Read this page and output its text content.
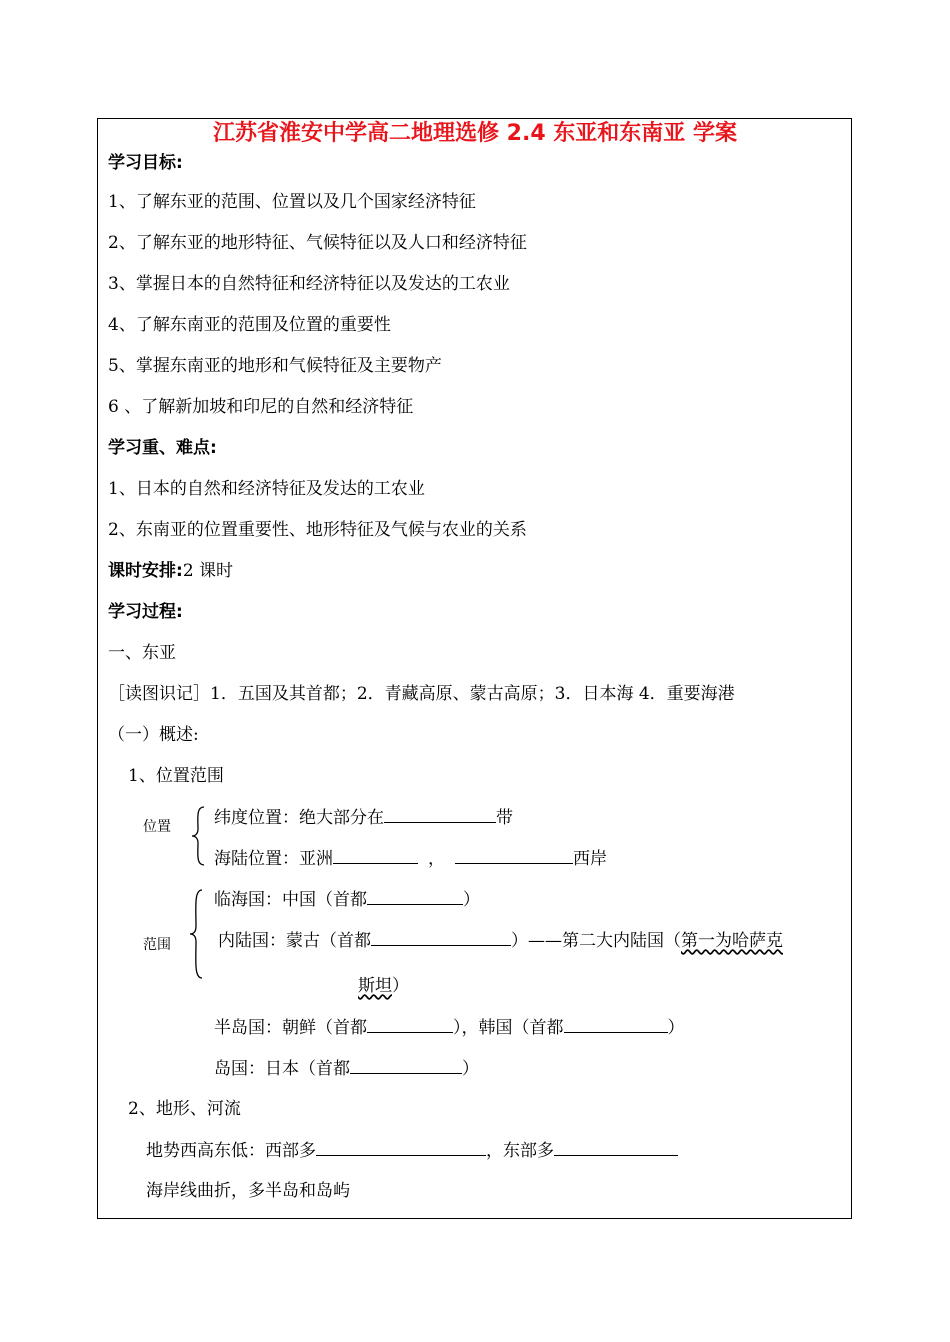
江苏省淮安中学高二地理选修 2.4 东亚和东南亚 学案
学习目标:
1、了解东亚的范围、位置以及几个国家经济特征
2、了解东亚的地形特征、气候特征以及人口和经济特征
3、掌握日本的自然特征和经济特征以及发达的工农业
4、了解东南亚的范围及位置的重要性
5、掌握东南亚的地形和气候特征及主要物产
6 、了解新加坡和印尼的自然和经济特征
学习重、难点:
1、日本的自然和经济特征及发达的工农业
2、东南亚的位置重要性、地形特征及气候与农业的关系
课时安排:2 课时
学习过程:
一、东亚
［读图识记］1．五国及其首都；2．青藏高原、蒙古高原；3．日本海 4．重要海港
（一）概述:
1、位置范围
位置	纬度位置：绝大部分在	带
海陆位置：亚洲	，	西岸
范围
临海国：中国（首都	）
内陆国：蒙古（首都	）——第二大内陆国（第一为哈萨克
斯坦）
半岛国：朝鲜（首都	），韩国（首都	）
岛国：日本（首都	）
2、地形、河流
地势西高东低：西部多	，东部多
海岸线曲折，多半岛和岛屿
